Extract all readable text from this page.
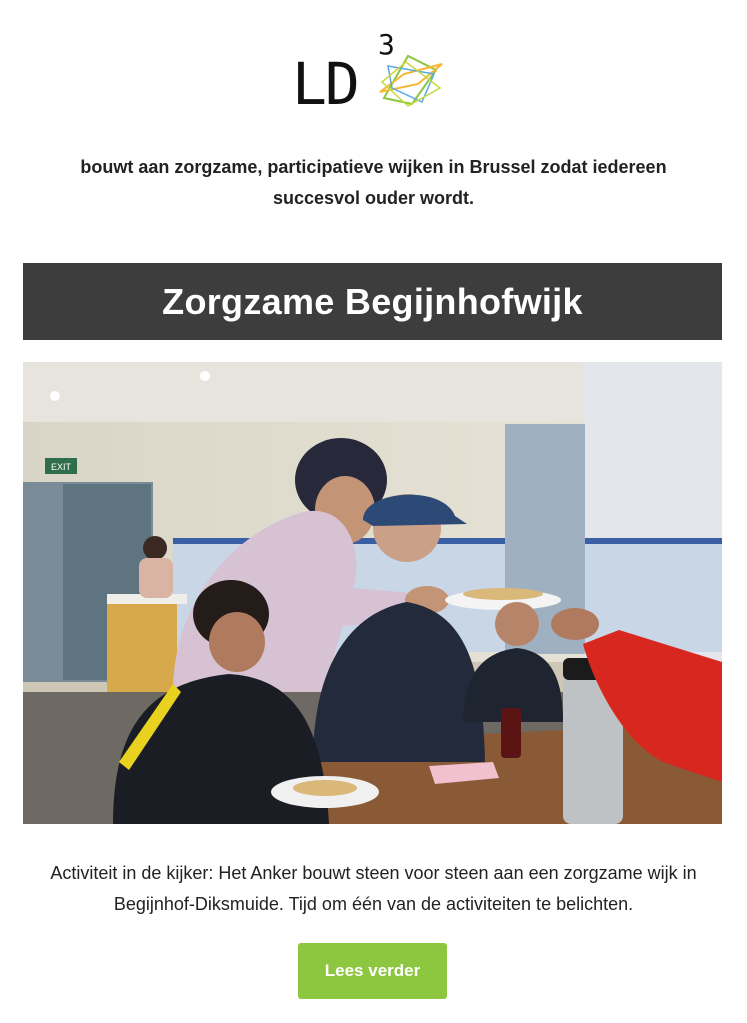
LD
3
bouwt aan zorgzame, participatieve wijken in Brussel zodat iedereen succesvol ouder wordt.
Zorgzame Begijnhofwijk
EXIT
Activiteit in de kijker: Het Anker bouwt steen voor steen aan een zorgzame wijk in Begijnhof-Diksmuide. Tijd om één van de activiteiten te belichten.
Lees verder
